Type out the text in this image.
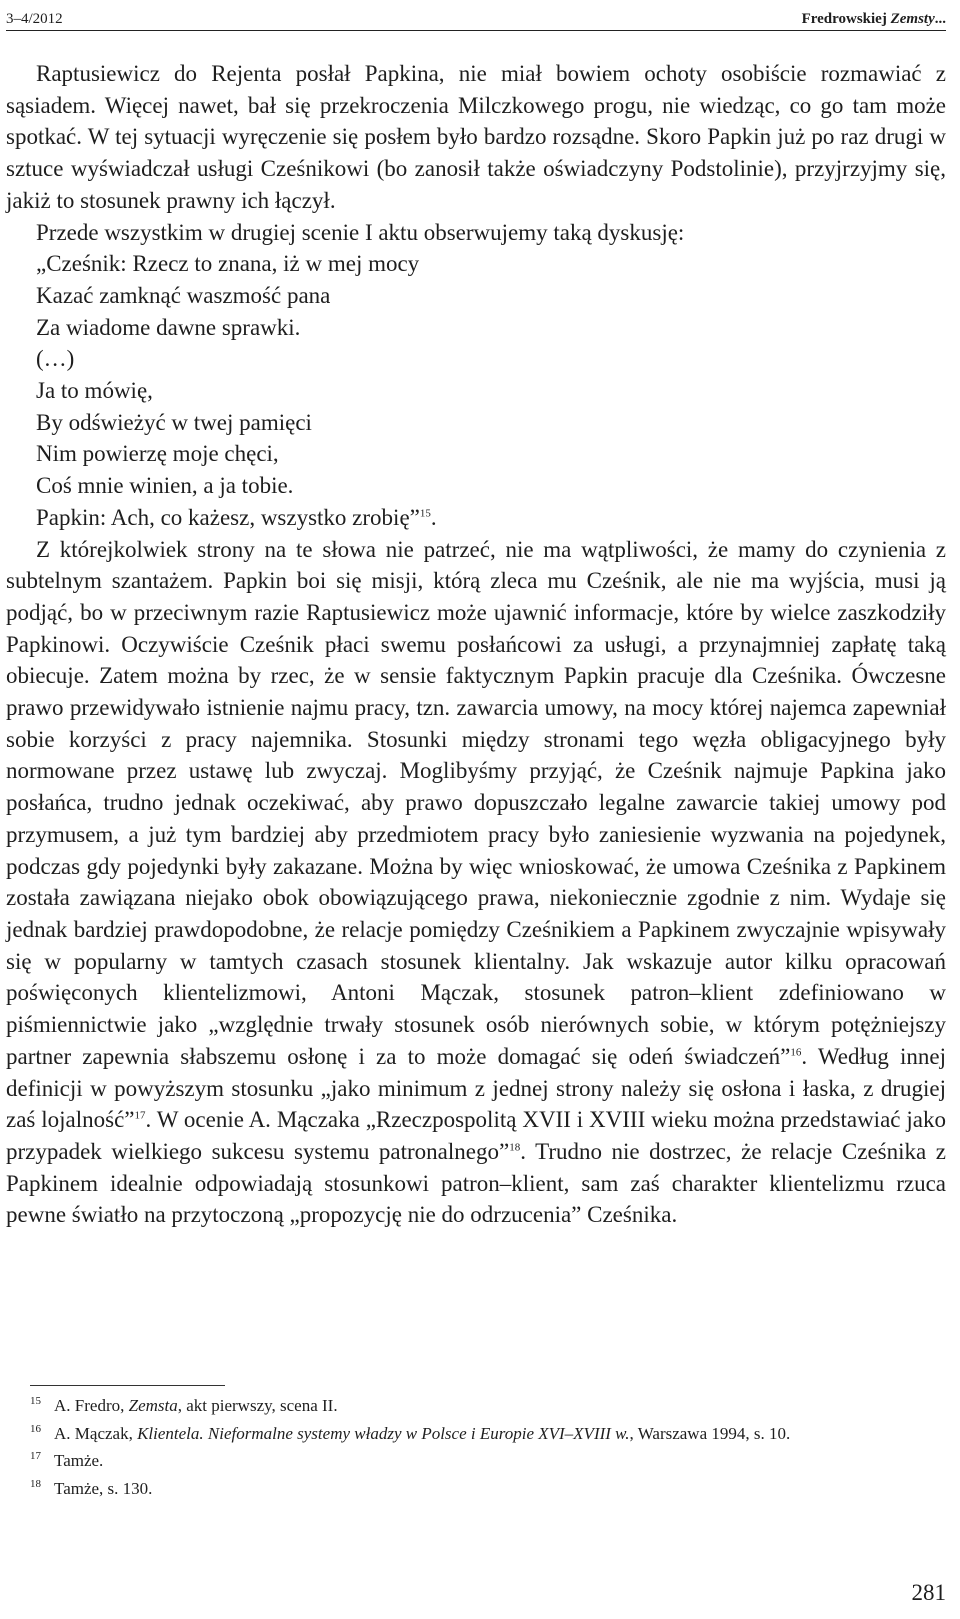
3–4/2012	Fredrowskiej Zemsty...

Raptusiewicz do Rejenta posłał Papkina, nie miał bowiem ochoty osobiście rozmawiać z sąsiadem. Więcej nawet, bał się przekroczenia Milczkowego progu, nie wiedząc, co go tam może spotkać. W tej sytuacji wyręczenie się posłem było bardzo rozsądne. Skoro Papkin już po raz drugi w sztuce wyświadczał usługi Cześnikowi (bo zanosił także oświadczyny Podstolinie), przyjrzyjmy się, jakiż to stosunek prawny ich łączył.

Przede wszystkim w drugiej scenie I aktu obserwujemy taką dyskusję:

„Cześnik: Rzecz to znana, iż w mej mocy
Kazać zamknąć waszmość pana
Za wiadome dawne sprawki.
(…)
Ja to mówię,
By odświeżyć w twej pamięci
Nim powierzę moje chęci,
Coś mnie winien, a ja tobie.
Papkin: Ach, co każesz, wszystko zrobię”$^{15}$.

Z którejkolwiek strony na te słowa nie patrzeć, nie ma wątpliwości, że mamy do czynienia z subtelnym szantażem. Papkin boi się misji, którą zleca mu Cześnik, ale nie ma wyjścia, musi ją podjąć, bo w przeciwnym razie Raptusiewicz może ujawnić informacje, które by wielce zaszkodziły Papkinowi. Oczywiście Cześnik płaci swemu posłańcowi za usługi, a przynajmniej zapłatę taką obiecuje. Zatem można by rzec, że w sensie faktycznym Papkin pracuje dla Cześnika. Ówczesne prawo przewidywało istnienie najmu pracy, tzn. zawarcia umowy, na mocy której najemca zapewniał sobie korzyści z pracy najemnika. Stosunki między stronami tego węzła obligacyjnego były normowane przez ustawę lub zwyczaj. Moglibyśmy przyjąć, że Cześnik najmuje Papkina jako posłańca, trudno jednak oczekiwać, aby prawo dopuszczało legalne zawarcie takiej umowy pod przymusem, a już tym bardziej aby przedmiotem pracy było zaniesienie wyzwania na pojedynek, podczas gdy pojedynki były zakazane. Można by więc wnioskować, że umowa Cześnika z Papkinem została zawiązana niejako obok obowiązującego prawa, niekoniecznie zgodnie z nim. Wydaje się jednak bardziej prawdopodobne, że relacje pomiędzy Cześnikiem a Papkinem zwyczajnie wpisywały się w popularny w tamtych czasach stosunek klientalny. Jak wskazuje autor kilku opracowań poświęconych klientelizmowi, Antoni Mączak, stosunek patron–klient zdefiniowano w piśmiennictwie jako „względnie trwały stosunek osób nierównych sobie, w którym potężniejszy partner zapewnia słabszemu osłonę i za to może domagać się odeń świadczeń”$^{16}$. Według innej definicji w powyższym stosunku „jako minimum z jednej strony należy się osłona i łaska, z drugiej zaś lojalność”$^{17}$. W ocenie A. Mączaka „Rzeczpospolitą XVII i XVIII wieku można przedstawiać jako przypadek wielkiego sukcesu systemu patronalnego”$^{18}$. Trudno nie dostrzec, że relacje Cześnika z Papkinem idealnie odpowiadają stosunkowi patron–klient, sam zaś charakter klientelizmu rzuca pewne światło na przytoczoną „propozycję nie do odrzucenia” Cześnika.

15 A. Fredro, Zemsta, akt pierwszy, scena II.
16 A. Mączak, Klientela. Nieformalne systemy władzy w Polsce i Europie XVI–XVIII w., Warszawa 1994, s. 10.
17 Tamże.
18 Tamże, s. 130.
281
